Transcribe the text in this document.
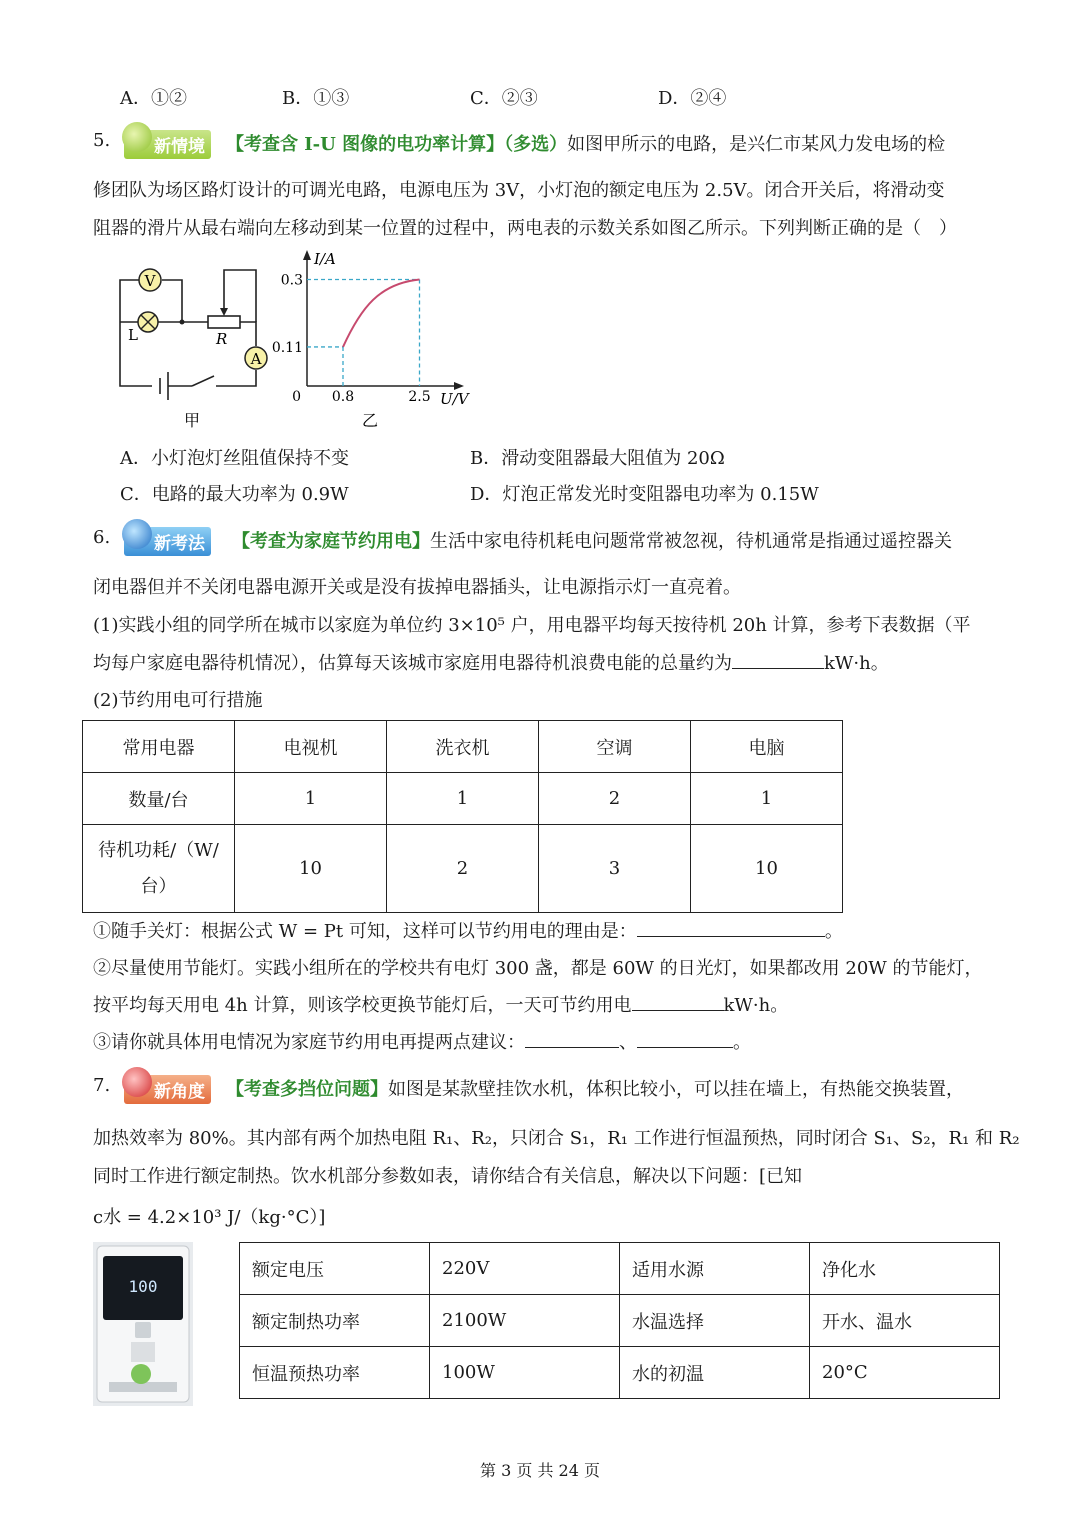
A．①②	B．①③	C．②③	D．②④
5.	新情境	【考查含 I-U 图像的电功率计算】（多选）如图甲所示的电路，是兴仁市某风力发电场的检
修团队为场区路灯设计的可调光电路，电源电压为 3V，小灯泡的额定电压为 2.5V。闭合开关后，将滑动变
阻器的滑片从最右端向左移动到某一位置的过程中，两电表的示数关系如图乙所示。下列判断正确的是（　）
V
A
L	R
甲
I/A
U/V
0
0.3
0.11
0.8	2.5
乙
A．小灯泡灯丝阻值保持不变	B．滑动变阻器最大阻值为 20Ω
C．电路的最大功率为 0.9W	D．灯泡正常发光时变阻器电功率为 0.15W
6.	新考法	【考查为家庭节约用电】生活中家电待机耗电问题常常被忽视，待机通常是指通过遥控器关
闭电器但并不关闭电器电源开关或是没有拔掉电器插头，让电源指示灯一直亮着。
(1)实践小组的同学所在城市以家庭为单位约 3×10⁵ 户，用电器平均每天按待机 20h 计算，参考下表数据（平
均每户家庭电器待机情况），估算每天该城市家庭用电器待机浪费电能的总量约为	kW·h。
(2)节约用电可行措施
常用电器	电视机	洗衣机	空调	电脑
数量/台	1	1	2	1
待机功耗/（W/
台）	10	2	3	10
①随手关灯：根据公式 W = Pt 可知，这样可以节约用电的理由是：	。
②尽量使用节能灯。实践小组所在的学校共有电灯 300 盏，都是 60W 的日光灯，如果都改用 20W 的节能灯，
按平均每天用电 4h 计算，则该学校更换节能灯后，一天可节约用电	kW·h。
③请你就具体用电情况为家庭节约用电再提两点建议：	、	。
7.	新角度	【考查多挡位问题】如图是某款壁挂饮水机，体积比较小，可以挂在墙上，有热能交换装置，
加热效率为 80%。其内部有两个加热电阻 R₁、R₂，只闭合 S₁，R₁ 工作进行恒温预热，同时闭合 S₁、S₂，R₁ 和 R₂
同时工作进行额定制热。饮水机部分参数如表，请你结合有关信息，解决以下问题：[已知
c水 = 4.2×10³ J/（kg·°C）]
100
额定电压	220V	适用水源	净化水
额定制热功率	2100W	水温选择	开水、温水
恒温预热功率	100W	水的初温	20°C
第 3 页 共 24 页
